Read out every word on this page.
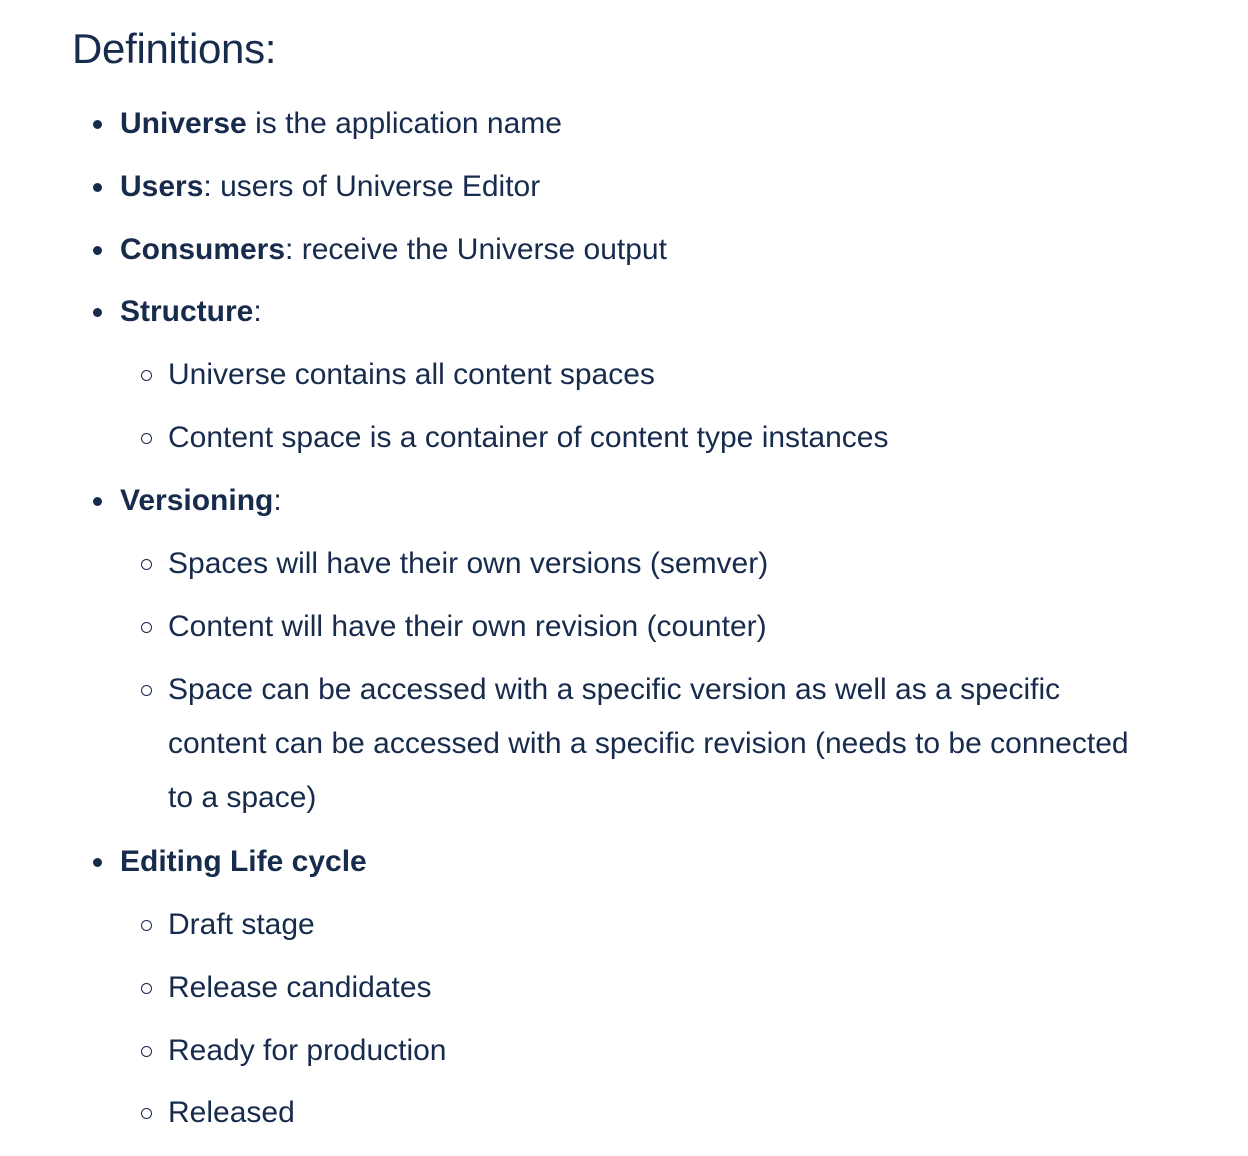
Definitions:
Universe is the application name
Users: users of Universe Editor
Consumers: receive the Universe output
Structure:
Universe contains all content spaces
Content space is a container of content type instances
Versioning:
Spaces will have their own versions (semver)
Content will have their own revision (counter)
Space can be accessed with a specific version as well as a specific content can be accessed with a specific revision (needs to be connected to a space)
Editing Life cycle
Draft stage
Release candidates
Ready for production
Released
